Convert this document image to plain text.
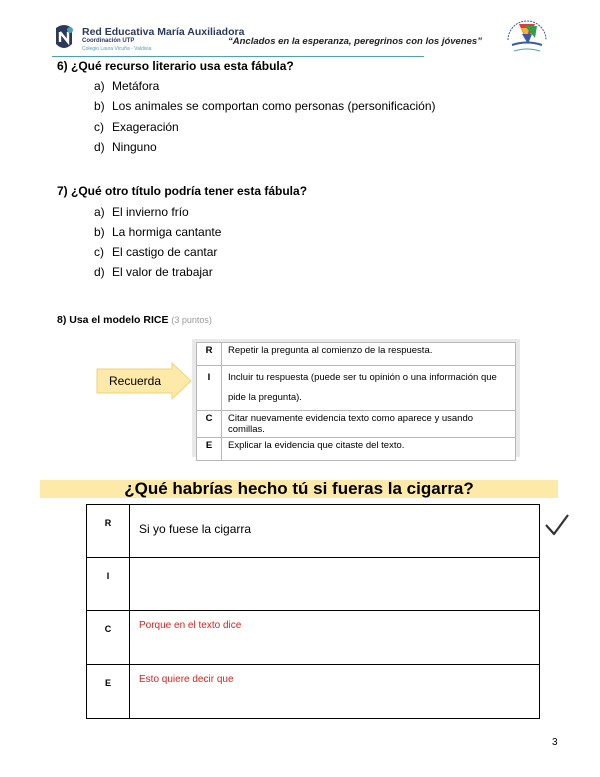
Red Educativa María Auxiliadora
Coordinación UTP
Colegio Laura Vicuña - Valdivia
“Anclados en la esperanza, peregrinos con los jóvenes”
6) ¿Qué recurso literario usa esta fábula?
a) Metáfora
b) Los animales se comportan como personas (personificación)
c) Exageración
d) Ninguno
7) ¿Qué otro título podría tener esta fábula?
a) El invierno frío
b) La hormiga cantante
c) El castigo de cantar
d) El valor de trabajar
8) Usa el modelo RICE (3 puntos)
Recuerda
R	Repetir la pregunta al comienzo de la respuesta.
I	Incluir tu respuesta (puede ser tu opinión o una información que pide la pregunta).
C	Citar nuevamente evidencia texto como aparece y usando comillas.
E	Explicar la evidencia que citaste del texto.
¿Qué habrías hecho tú si fueras la cigarra?
R	Si yo fuese la cigarra

I	

C	Porque en el texto dice

E	Esto quiere decir que
3
